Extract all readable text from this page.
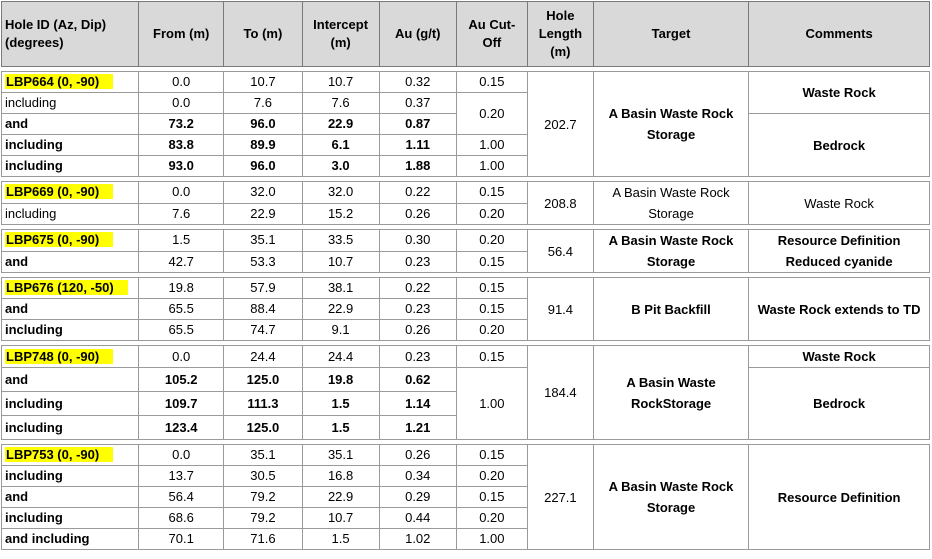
Hole ID (Az, Dip) (degrees)	From (m)	To (m)	Intercept (m)	Au (g/t)	Au Cut-Off	Hole Length (m)	Target	Comments

LBP664 (0, -90)	0.0	10.7	10.7	0.32	0.15	202.7	A Basin Waste Rock Storage	Waste Rock
including	0.0	7.6	7.6	0.37	0.20			
and	73.2	96.0	22.9	0.87				Bedrock
including	83.8	89.9	6.1	1.11	1.00			
including	93.0	96.0	3.0	1.88	1.00			

LBP669 (0, -90)	0.0	32.0	32.0	0.22	0.15	208.8	A Basin Waste Rock Storage	Waste Rock
including	7.6	22.9	15.2	0.26	0.20			

LBP675 (0, -90)	1.5	35.1	33.5	0.30	0.20	56.4	A Basin Waste Rock Storage	Resource Definition Reduced cyanide
and	42.7	53.3	10.7	0.23	0.15			

LBP676 (120, -50)	19.8	57.9	38.1	0.22	0.15	91.4	B Pit Backfill	Waste Rock extends to TD
and	65.5	88.4	22.9	0.23	0.15			
including	65.5	74.7	9.1	0.26	0.20			

LBP748 (0, -90)	0.0	24.4	24.4	0.23	0.15	184.4	A Basin Waste RockStorage	Waste Rock
and	105.2	125.0	19.8	0.62	1.00			Bedrock
including	109.7	111.3	1.5	1.14				
including	123.4	125.0	1.5	1.21				

LBP753 (0, -90)	0.0	35.1	35.1	0.26	0.15	227.1	A Basin Waste Rock Storage	Resource Definition
including	13.7	30.5	16.8	0.34	0.20			
and	56.4	79.2	22.9	0.29	0.15			
including	68.6	79.2	10.7	0.44	0.20			
and including	70.1	71.6	1.5	1.02	1.00			
